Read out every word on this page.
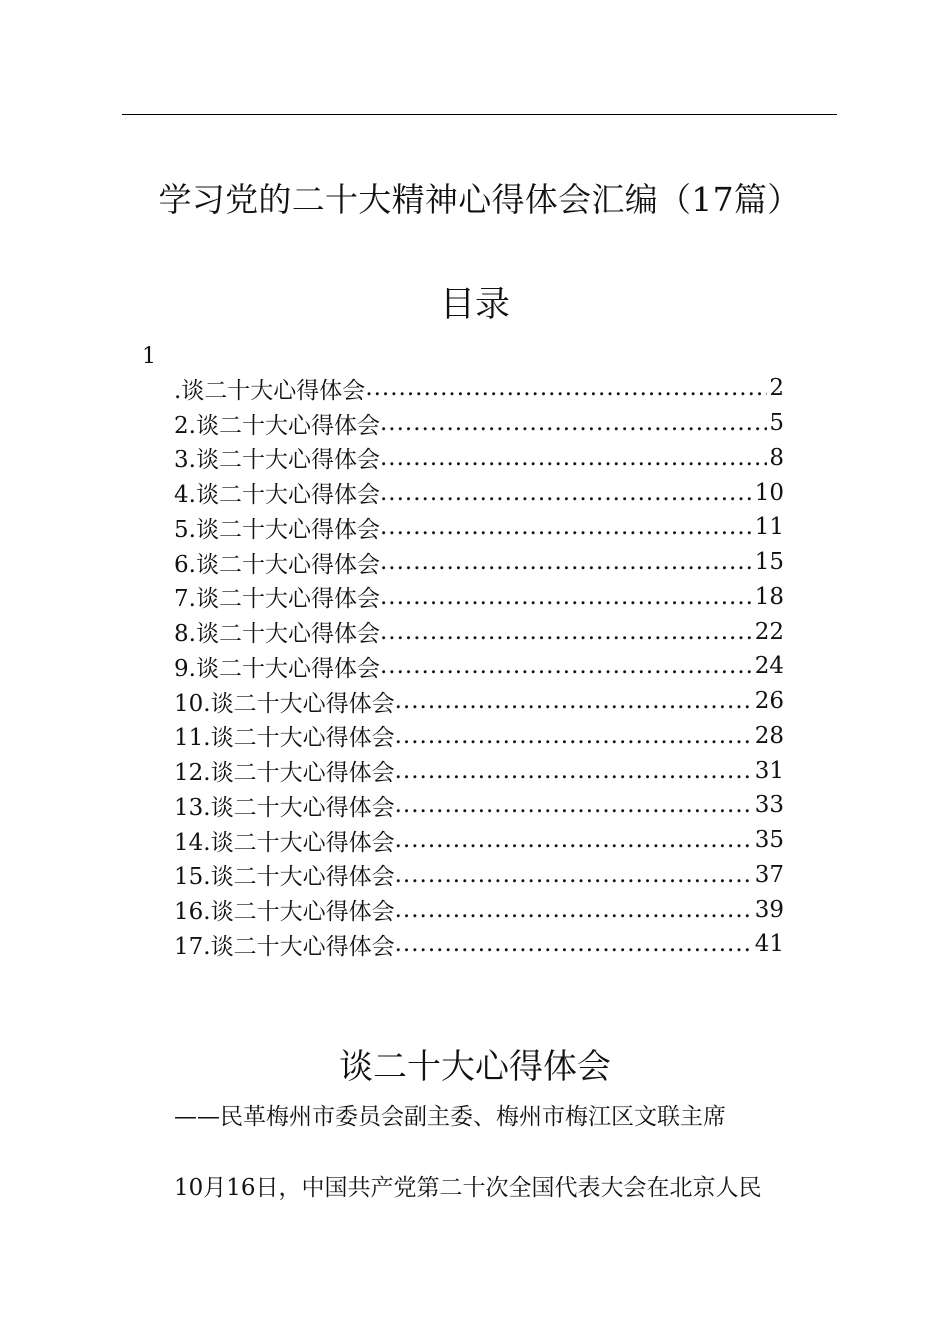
学习党的二十大精神心得体会汇编（17篇）
目录
1
.谈二十大心得体会 .....	2
2.谈二十大心得体会 .....	5
3.谈二十大心得体会 .....	8
4.谈二十大心得体会 .....	10
5.谈二十大心得体会 .....	11
6.谈二十大心得体会 .....	15
7.谈二十大心得体会 .....	18
8.谈二十大心得体会 .....	22
9.谈二十大心得体会 .....	24
10.谈二十大心得体会 .....	26
11.谈二十大心得体会 .....	28
12.谈二十大心得体会 .....	31
13.谈二十大心得体会 .....	33
14.谈二十大心得体会 .....	35
15.谈二十大心得体会 .....	37
16.谈二十大心得体会 .....	39
17.谈二十大心得体会 .....	41
谈二十大心得体会
——民革梅州市委员会副主委、梅州市梅江区文联主席
10月16日，中国共产党第二十次全国代表大会在北京人民
